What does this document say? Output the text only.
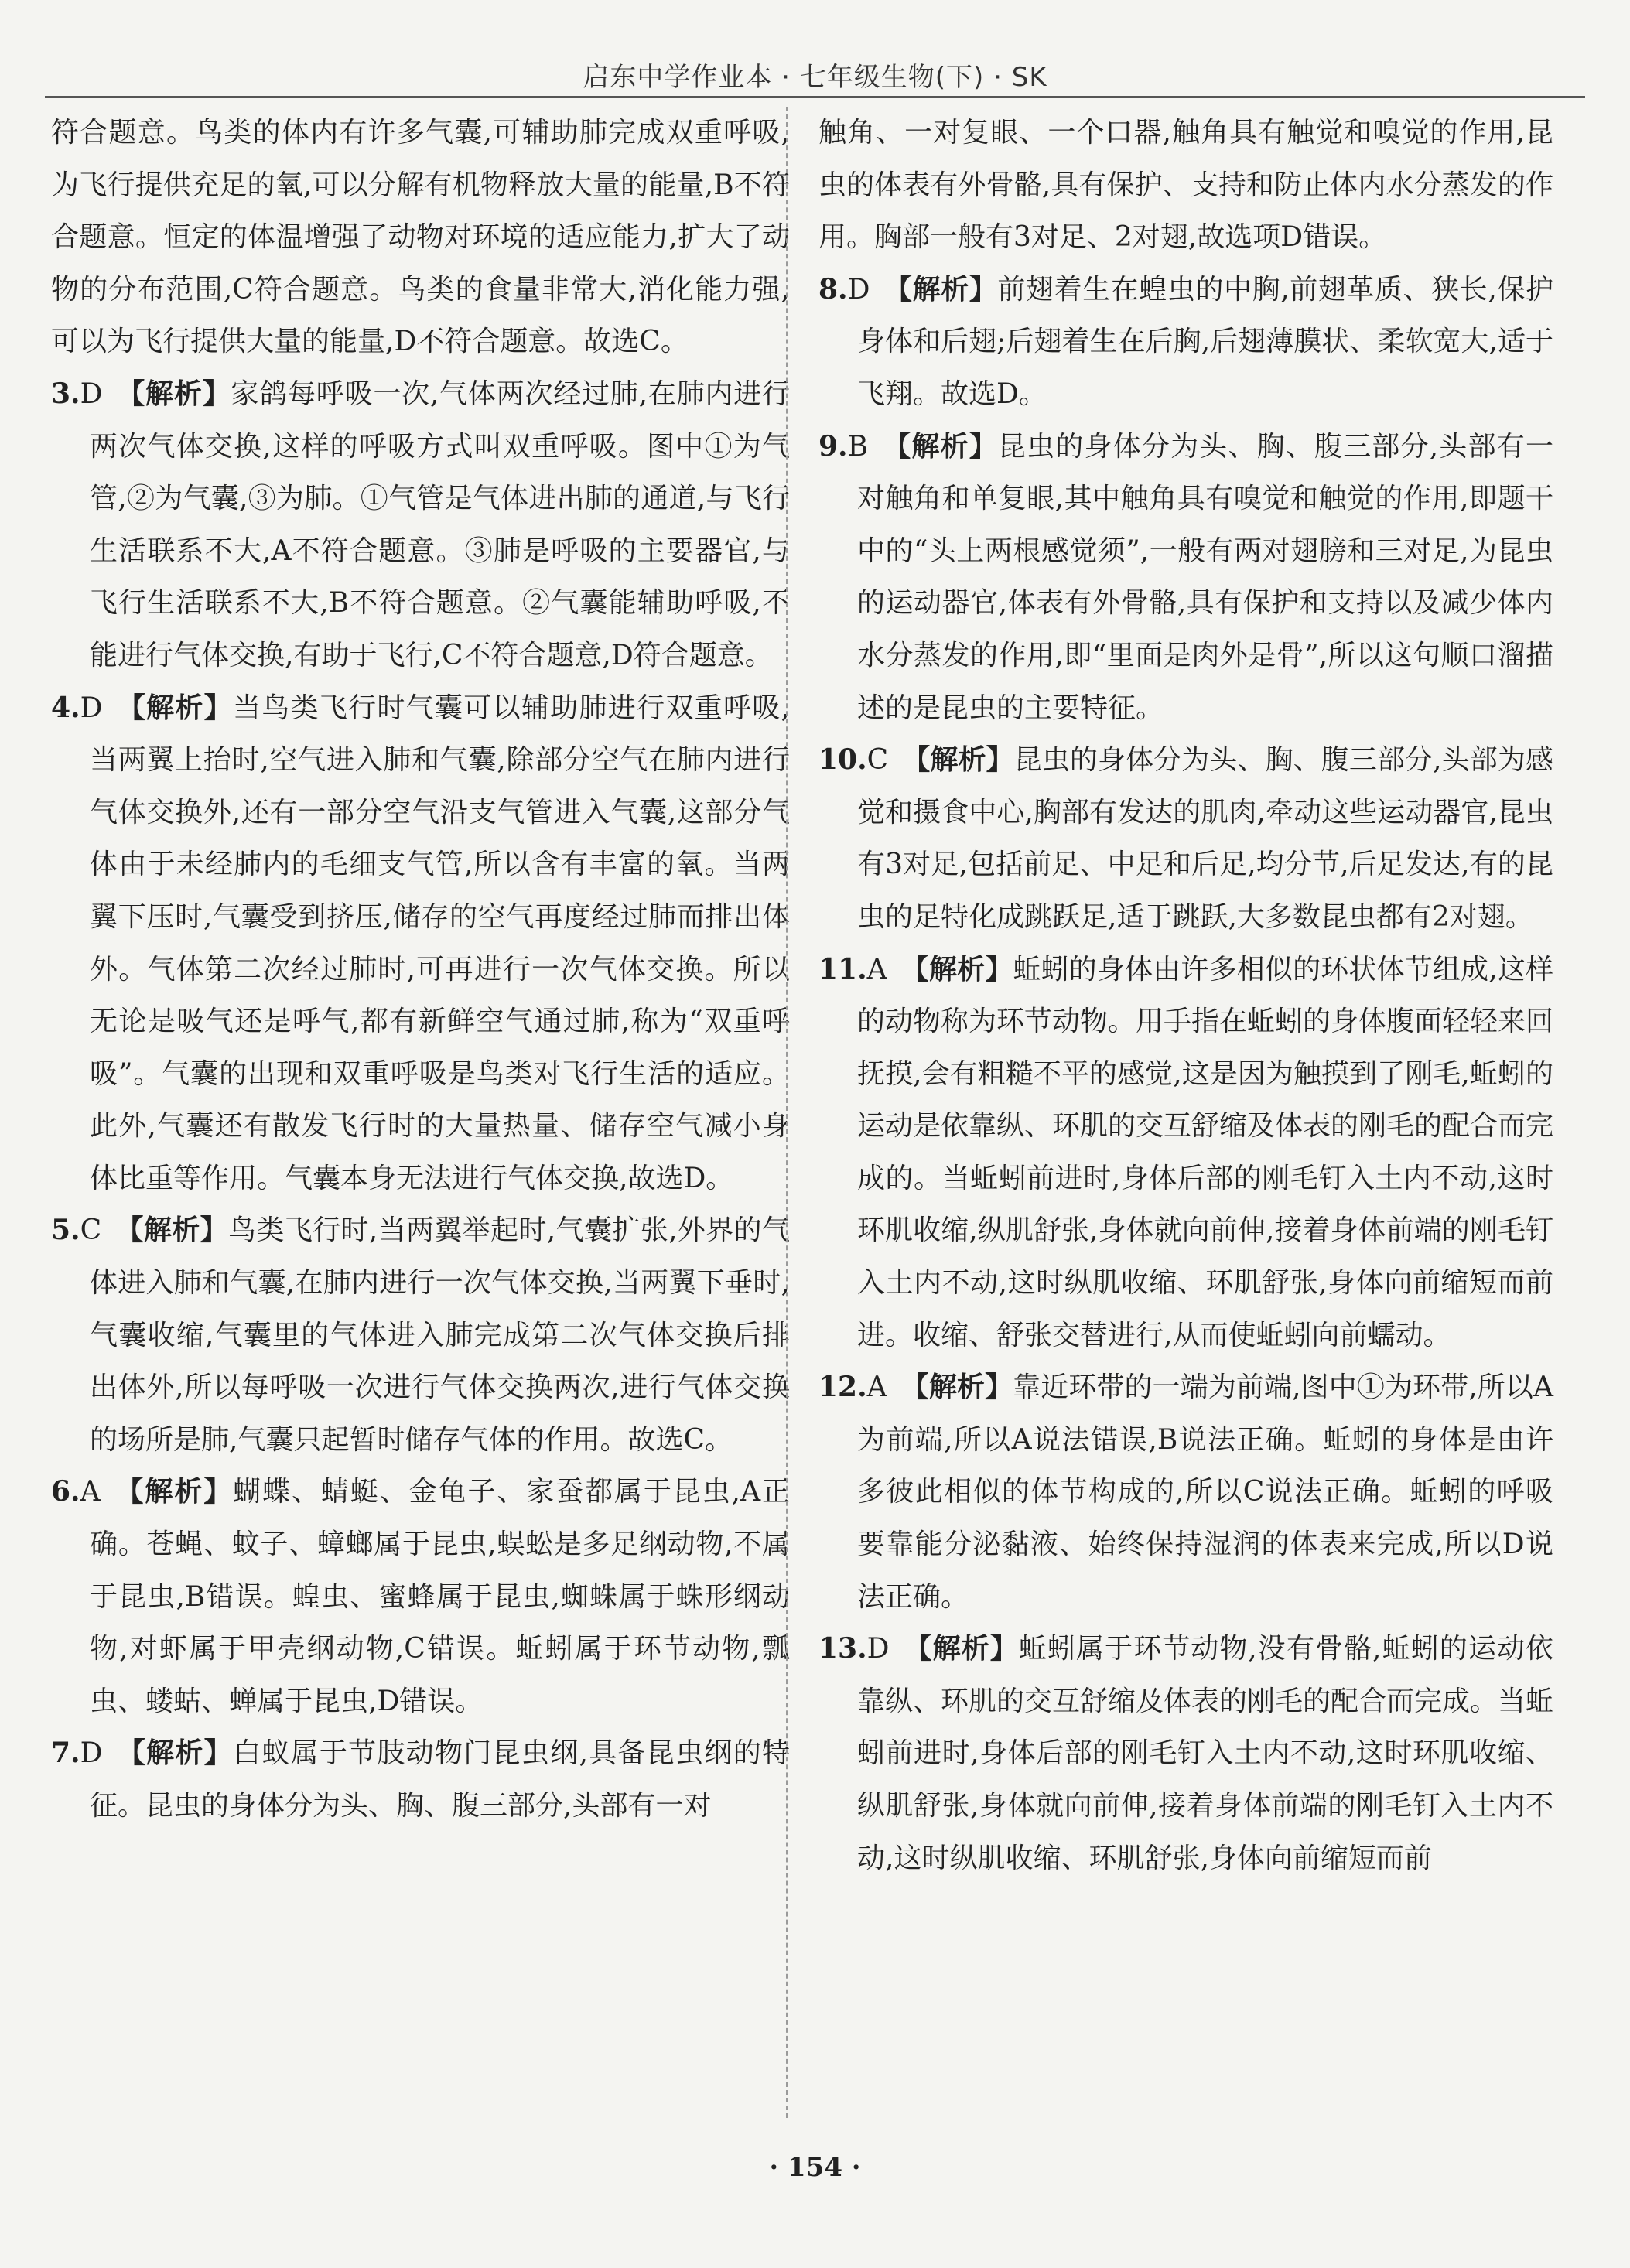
启东中学作业本 · 七年级生物(下) · SK

符合题意。鸟类的体内有许多气囊,可辅助肺完成双重呼吸,为飞行提供充足的氧,可以分解有机物释放大量的能量,B不符合题意。恒定的体温增强了动物对环境的适应能力,扩大了动物的分布范围,C符合题意。鸟类的食量非常大,消化能力强,可以为飞行提供大量的能量,D不符合题意。故选C。

3.D  【解析】家鸽每呼吸一次,气体两次经过肺,在肺内进行两次气体交换,这样的呼吸方式叫双重呼吸。图中①为气管,②为气囊,③为肺。①气管是气体进出肺的通道,与飞行生活联系不大,A不符合题意。③肺是呼吸的主要器官,与飞行生活联系不大,B不符合题意。②气囊能辅助呼吸,不能进行气体交换,有助于飞行,C不符合题意,D符合题意。

4.D  【解析】当鸟类飞行时气囊可以辅助肺进行双重呼吸,当两翼上抬时,空气进入肺和气囊,除部分空气在肺内进行气体交换外,还有一部分空气沿支气管进入气囊,这部分气体由于未经肺内的毛细支气管,所以含有丰富的氧。当两翼下压时,气囊受到挤压,储存的空气再度经过肺而排出体外。气体第二次经过肺时,可再进行一次气体交换。所以无论是吸气还是呼气,都有新鲜空气通过肺,称为“双重呼吸”。气囊的出现和双重呼吸是鸟类对飞行生活的适应。此外,气囊还有散发飞行时的大量热量、储存空气减小身体比重等作用。气囊本身无法进行气体交换,故选D。

5.C  【解析】鸟类飞行时,当两翼举起时,气囊扩张,外界的气体进入肺和气囊,在肺内进行一次气体交换,当两翼下垂时,气囊收缩,气囊里的气体进入肺完成第二次气体交换后排出体外,所以每呼吸一次进行气体交换两次,进行气体交换的场所是肺,气囊只起暂时储存气体的作用。故选C。

6.A  【解析】蝴蝶、蜻蜓、金龟子、家蚕都属于昆虫,A正确。苍蝇、蚊子、蟑螂属于昆虫,蜈蚣是多足纲动物,不属于昆虫,B错误。蝗虫、蜜蜂属于昆虫,蜘蛛属于蛛形纲动物,对虾属于甲壳纲动物,C错误。蚯蚓属于环节动物,瓢虫、蝼蛄、蝉属于昆虫,D错误。

7.D  【解析】白蚁属于节肢动物门昆虫纲,具备昆虫纲的特征。昆虫的身体分为头、胸、腹三部分,头部有一对

触角、一对复眼、一个口器,触角具有触觉和嗅觉的作用,昆虫的体表有外骨骼,具有保护、支持和防止体内水分蒸发的作用。胸部一般有3对足、2对翅,故选项D错误。

8.D  【解析】前翅着生在蝗虫的中胸,前翅革质、狭长,保护身体和后翅;后翅着生在后胸,后翅薄膜状、柔软宽大,适于飞翔。故选D。

9.B  【解析】昆虫的身体分为头、胸、腹三部分,头部有一对触角和单复眼,其中触角具有嗅觉和触觉的作用,即题干中的“头上两根感觉须”,一般有两对翅膀和三对足,为昆虫的运动器官,体表有外骨骼,具有保护和支持以及减少体内水分蒸发的作用,即“里面是肉外是骨”,所以这句顺口溜描述的是昆虫的主要特征。

10.C  【解析】昆虫的身体分为头、胸、腹三部分,头部为感觉和摄食中心,胸部有发达的肌肉,牵动这些运动器官,昆虫有3对足,包括前足、中足和后足,均分节,后足发达,有的昆虫的足特化成跳跃足,适于跳跃,大多数昆虫都有2对翅。

11.A  【解析】蚯蚓的身体由许多相似的环状体节组成,这样的动物称为环节动物。用手指在蚯蚓的身体腹面轻轻来回抚摸,会有粗糙不平的感觉,这是因为触摸到了刚毛,蚯蚓的运动是依靠纵、环肌的交互舒缩及体表的刚毛的配合而完成的。当蚯蚓前进时,身体后部的刚毛钉入土内不动,这时环肌收缩,纵肌舒张,身体就向前伸,接着身体前端的刚毛钉入土内不动,这时纵肌收缩、环肌舒张,身体向前缩短而前进。收缩、舒张交替进行,从而使蚯蚓向前蠕动。

12.A  【解析】靠近环带的一端为前端,图中①为环带,所以A为前端,所以A说法错误,B说法正确。蚯蚓的身体是由许多彼此相似的体节构成的,所以C说法正确。蚯蚓的呼吸要靠能分泌黏液、始终保持湿润的体表来完成,所以D说法正确。

13.D  【解析】蚯蚓属于环节动物,没有骨骼,蚯蚓的运动依靠纵、环肌的交互舒缩及体表的刚毛的配合而完成。当蚯蚓前进时,身体后部的刚毛钉入土内不动,这时环肌收缩、纵肌舒张,身体就向前伸,接着身体前端的刚毛钉入土内不动,这时纵肌收缩、环肌舒张,身体向前缩短而前

· 154 ·
